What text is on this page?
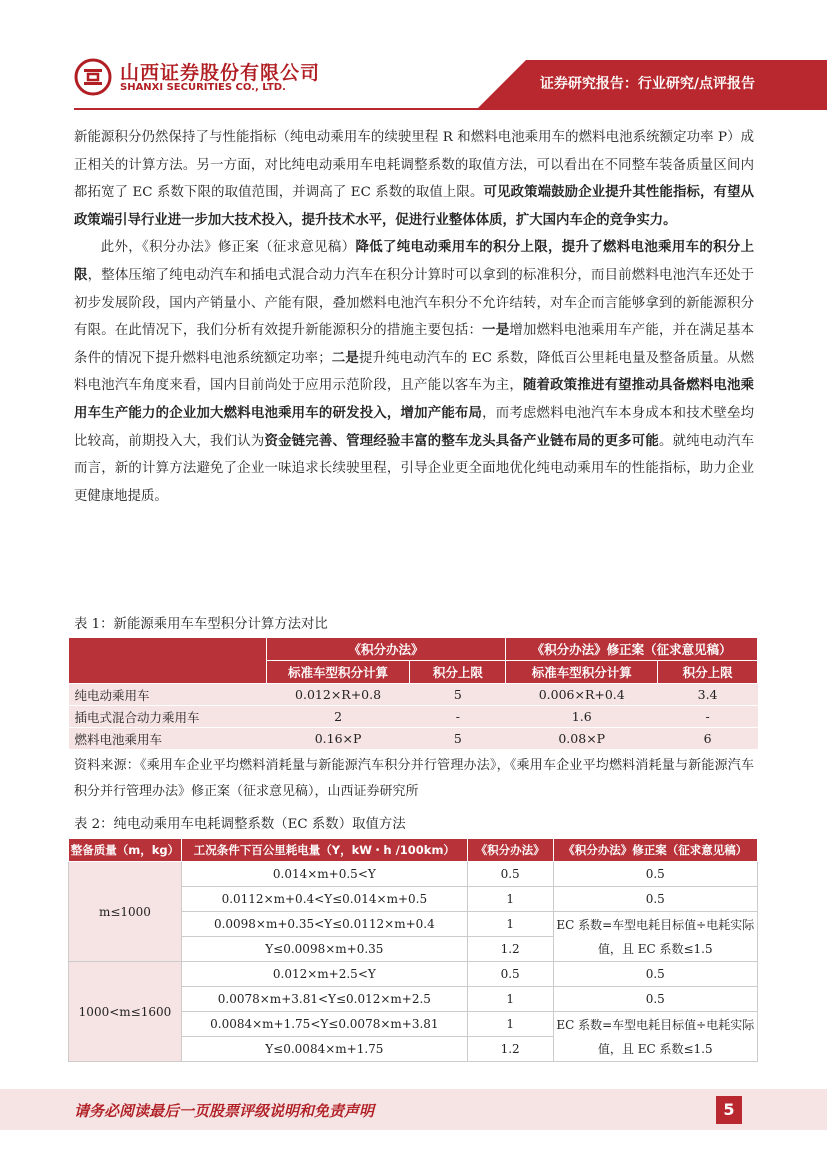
山西证券股份有限公司
SHANXI SECURITIES CO., LTD.	证券研究报告：行业研究/点评报告

新能源积分仍然保持了与性能指标（纯电动乘用车的续驶里程 R 和燃料电池乘用车的燃料电池系统额定功率 P）成正相关的计算方法。另一方面，对比纯电动乘用车电耗调整系数的取值方法，可以看出在不同整车装备质量区间内都拓宽了 EC 系数下限的取值范围，并调高了 EC 系数的取值上限。可见政策端鼓励企业提升其性能指标，有望从政策端引导行业进一步加大技术投入，提升技术水平，促进行业整体体质，扩大国内车企的竞争实力。

此外，《积分办法》修正案（征求意见稿）降低了纯电动乘用车的积分上限，提升了燃料电池乘用车的积分上限，整体压缩了纯电动汽车和插电式混合动力汽车在积分计算时可以拿到的标准积分，而目前燃料电池汽车还处于初步发展阶段，国内产销量小、产能有限，叠加燃料电池汽车积分不允许结转，对车企而言能够拿到的新能源积分有限。在此情况下，我们分析有效提升新能源积分的措施主要包括：一是增加燃料电池乘用车产能，并在满足基本条件的情况下提升燃料电池系统额定功率；二是提升纯电动汽车的 EC 系数，降低百公里耗电量及整备质量。从燃料电池汽车角度来看，国内目前尚处于应用示范阶段，且产能以客车为主，随着政策推进有望推动具备燃料电池乘用车生产能力的企业加大燃料电池乘用车的研发投入，增加产能布局，而考虑燃料电池汽车本身成本和技术壁垒均比较高，前期投入大，我们认为资金链完善、管理经验丰富的整车龙头具备产业链布局的更多可能。就纯电动汽车而言，新的计算方法避免了企业一味追求长续驶里程，引导企业更全面地优化纯电动乘用车的性能指标，助力企业更健康地提质。

表 1：新能源乘用车车型积分计算方法对比
	《积分办法》		《积分办法》修正案（征求意见稿）	
	标准车型积分计算	积分上限	标准车型积分计算	积分上限
纯电动乘用车	0.012×R+0.8	5	0.006×R+0.4	3.4
插电式混合动力乘用车	2	-	1.6	-
燃料电池乘用车	0.16×P	5	0.08×P	6
资料来源：《乘用车企业平均燃料消耗量与新能源汽车积分并行管理办法》，《乘用车企业平均燃料消耗量与新能源汽车积分并行管理办法》修正案（征求意见稿），山西证券研究所
表 2：纯电动乘用车电耗调整系数（EC 系数）取值方法
整备质量（m，kg）	工况条件下百公里耗电量（Y，kW・h /100km）	《积分办法》	《积分办法》修正案（征求意见稿）
m≤1000	0.014×m+0.5<Y	0.5	0.5
	0.0112×m+0.4<Y≤0.014×m+0.5	1	0.5
	0.0098×m+0.35<Y≤0.0112×m+0.4	1	EC 系数=车型电耗目标值÷电耗实际值，且 EC 系数≤1.5
	Y≤0.0098×m+0.35	1.2	
1000<m≤1600	0.012×m+2.5<Y	0.5	0.5
	0.0078×m+3.81<Y≤0.012×m+2.5	1	0.5
	0.0084×m+1.75<Y≤0.0078×m+3.81	1	EC 系数=车型电耗目标值÷电耗实际值，且 EC 系数≤1.5
	Y≤0.0084×m+1.75	1.2	
请务必阅读最后一页股票评级说明和免责声明	5
